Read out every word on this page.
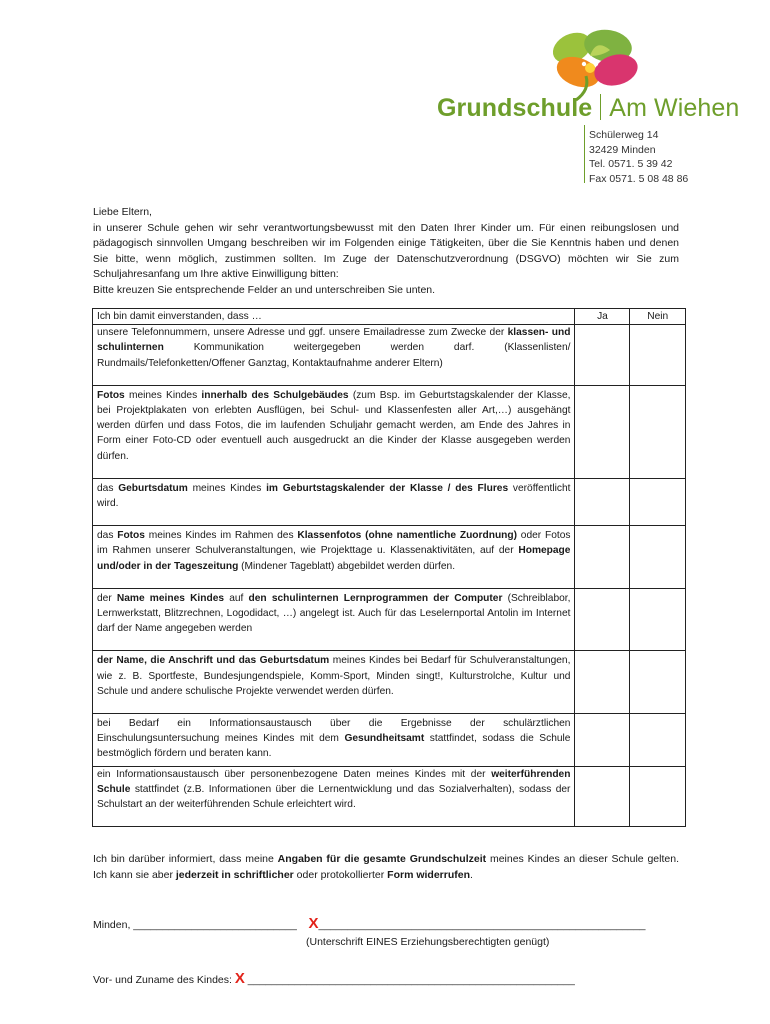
Grundschule Am Wiehen
Schülerweg 14
32429 Minden
Tel. 0571. 5 39 42
Fax 0571. 5 08 48 86

Liebe Eltern,

in unserer Schule gehen wir sehr verantwortungsbewusst mit den Daten Ihrer Kinder um. Für einen reibungslosen und pädagogisch sinnvollen Umgang beschreiben wir im Folgenden einige Tätigkeiten, über die Sie Kenntnis haben und denen Sie bitte, wenn möglich, zustimmen sollten. Im Zuge der Datenschutzverordnung (DSGVO) möchten wir Sie zum Schuljahresanfang um Ihre aktive Einwilligung bitten:

Bitte kreuzen Sie entsprechende Felder an und unterschreiben Sie unten.

Ich bin damit einverstanden, dass …	Ja	Nein

unsere Telefonnummern, unsere Adresse und ggf. unsere Emailadresse zum Zwecke der klassen- und schulinternen Kommunikation weitergegeben werden darf. (Klassenlisten/ Rundmails/Telefonketten/Offener Ganztag, Kontaktaufnahme anderer Eltern)		

Fotos meines Kindes innerhalb des Schulgebäudes (zum Bsp. im Geburtstagskalender der Klasse, bei Projektplakaten von erlebten Ausflügen, bei Schul- und Klassenfesten aller Art,…) ausgehängt werden dürfen und dass Fotos, die im laufenden Schuljahr gemacht werden, am Ende des Jahres in Form einer Foto-CD oder eventuell auch ausgedruckt an die Kinder der Klasse ausgegeben werden dürfen.		

das Geburtsdatum meines Kindes im Geburtstagskalender der Klasse / des Flures veröffentlicht wird.		

das Fotos meines Kindes im Rahmen des Klassenfotos (ohne namentliche Zuordnung) oder Fotos im Rahmen unserer Schulveranstaltungen, wie Projekttage u. Klassenaktivitäten, auf der Homepage und/oder in der Tageszeitung (Mindener Tageblatt) abgebildet werden dürfen.		

der Name meines Kindes auf den schulinternen Lernprogrammen der Computer (Schreiblabor, Lernwerkstatt, Blitzrechnen, Logodidact, …) angelegt ist. Auch für das Leselernportal Antolin im Internet darf der Name angegeben werden		

der Name, die Anschrift und das Geburtsdatum meines Kindes bei Bedarf für Schulveranstaltungen, wie z. B. Sportfeste, Bundesjungendspiele, Komm-Sport, Minden singt!, Kulturstrolche, Kultur und Schule und andere schulische Projekte verwendet werden dürfen.		

bei Bedarf ein Informationsaustausch über die Ergebnisse der schulärztlichen Einschulungsuntersuchung meines Kindes mit dem Gesundheitsamt stattfindet, sodass die Schule bestmöglich fördern und beraten kann.		

ein Informationsaustausch über personenbezogene Daten meines Kindes mit der weiterführenden Schule stattfindet (z.B. Informationen über die Lernentwicklung und das Sozialverhalten), sodass der Schulstart an der weiterführenden Schule erleichtert wird.		

Ich bin darüber informiert, dass meine Angaben für die gesamte Grundschulzeit meines Kindes an dieser Schule gelten. Ich kann sie aber jederzeit in schriftlicher oder protokollierter Form widerrufen.

Minden, ____________________________ X________________________________________________________
(Unterschrift EINES Erziehungsberechtigten genügt)
Vor- und Zuname des Kindes: X ________________________________________________________
